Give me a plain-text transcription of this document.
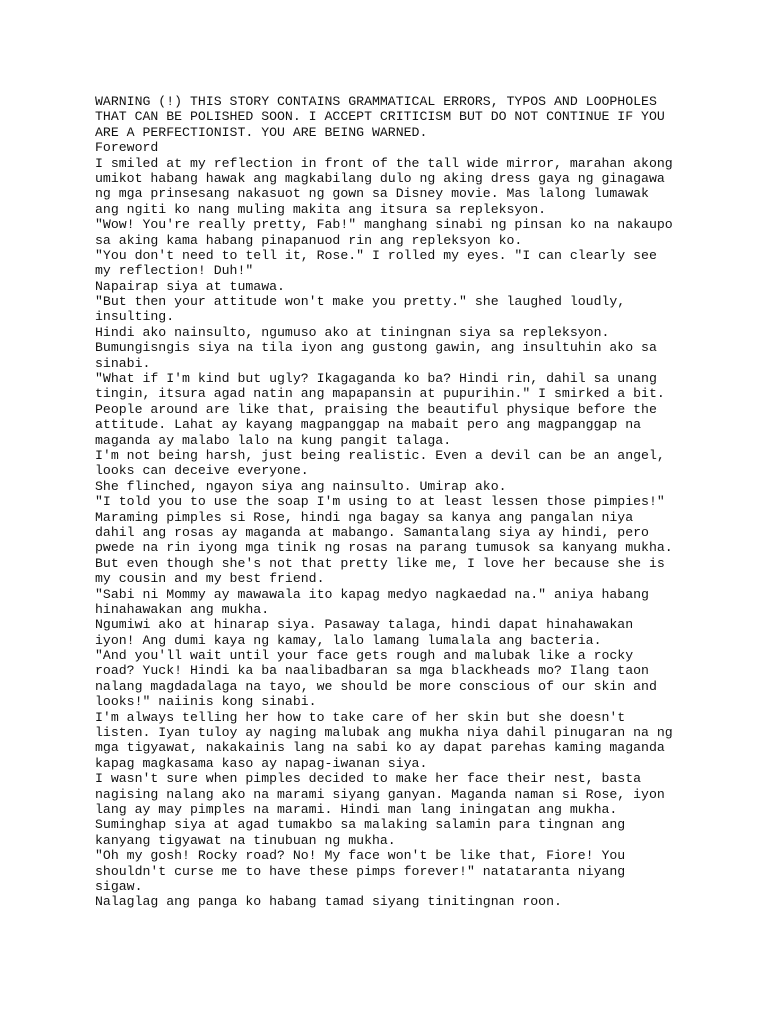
WARNING (!) THIS STORY CONTAINS GRAMMATICAL ERRORS, TYPOS AND LOOPHOLES
THAT CAN BE POLISHED SOON. I ACCEPT CRITICISM BUT DO NOT CONTINUE IF YOU
ARE A PERFECTIONIST. YOU ARE BEING WARNED.
Foreword
I smiled at my reflection in front of the tall wide mirror, marahan akong
umikot habang hawak ang magkabilang dulo ng aking dress gaya ng ginagawa
ng mga prinsesang nakasuot ng gown sa Disney movie. Mas lalong lumawak
ang ngiti ko nang muling makita ang itsura sa repleksyon.
"Wow! You're really pretty, Fab!" manghang sinabi ng pinsan ko na nakaupo
sa aking kama habang pinapanuod rin ang repleksyon ko.
"You don't need to tell it, Rose." I rolled my eyes. "I can clearly see
my reflection! Duh!"
Napairap siya at tumawa.
"But then your attitude won't make you pretty." she laughed loudly,
insulting.
Hindi ako nainsulto, ngumuso ako at tiningnan siya sa repleksyon.
Bumungisngis siya na tila iyon ang gustong gawin, ang insultuhin ako sa
sinabi.
"What if I'm kind but ugly? Ikagaganda ko ba? Hindi rin, dahil sa unang
tingin, itsura agad natin ang mapapansin at pupurihin." I smirked a bit.
People around are like that, praising the beautiful physique before the
attitude. Lahat ay kayang magpanggap na mabait pero ang magpanggap na
maganda ay malabo lalo na kung pangit talaga.
I'm not being harsh, just being realistic. Even a devil can be an angel,
looks can deceive everyone.
She flinched, ngayon siya ang nainsulto. Umirap ako.
"I told you to use the soap I'm using to at least lessen those pimpies!"
Maraming pimples si Rose, hindi nga bagay sa kanya ang pangalan niya
dahil ang rosas ay maganda at mabango. Samantalang siya ay hindi, pero
pwede na rin iyong mga tinik ng rosas na parang tumusok sa kanyang mukha.
But even though she's not that pretty like me, I love her because she is
my cousin and my best friend.
"Sabi ni Mommy ay mawawala ito kapag medyo nagkaedad na." aniya habang
hinahawakan ang mukha.
Ngumiwi ako at hinarap siya. Pasaway talaga, hindi dapat hinahawakan
iyon! Ang dumi kaya ng kamay, lalo lamang lumalala ang bacteria.
"And you'll wait until your face gets rough and malubak like a rocky
road? Yuck! Hindi ka ba naalibadbaran sa mga blackheads mo? Ilang taon
nalang magdadalaga na tayo, we should be more conscious of our skin and
looks!" naiinis kong sinabi.
I'm always telling her how to take care of her skin but she doesn't
listen. Iyan tuloy ay naging malubak ang mukha niya dahil pinugaran na ng
mga tigyawat, nakakainis lang na sabi ko ay dapat parehas kaming maganda
kapag magkasama kaso ay napag-iwanan siya.
I wasn't sure when pimples decided to make her face their nest, basta
nagising nalang ako na marami siyang ganyan. Maganda naman si Rose, iyon
lang ay may pimples na marami. Hindi man lang iningatan ang mukha.
Suminghap siya at agad tumakbo sa malaking salamin para tingnan ang
kanyang tigyawat na tinubuan ng mukha.
"Oh my gosh! Rocky road? No! My face won't be like that, Fiore! You
shouldn't curse me to have these pimps forever!" natataranta niyang
sigaw.
Nalaglag ang panga ko habang tamad siyang tinitingnan roon.
